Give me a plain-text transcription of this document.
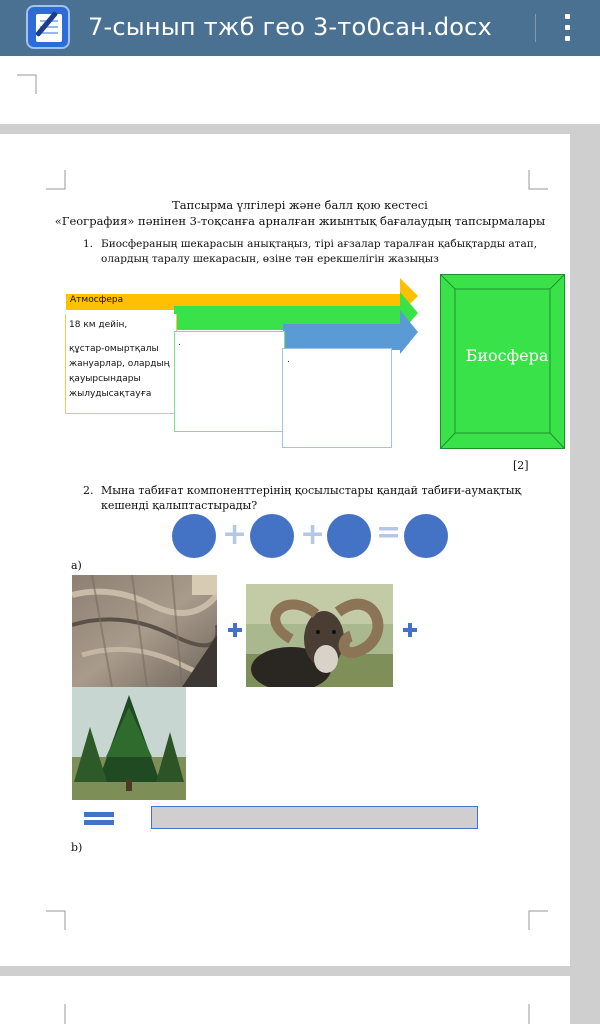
7-сынып тжб гео 3-то0сан.docx
Тапсырма үлгілері және балл қою кестесі
«География» пәнінен 3-тоқсанға арналған жиынтық бағалаудың тапсырмалары
1. Биосфераның шекарасын анықтаңыз, тірі ағзалар таралған қабықтарды атап,
олардың таралу шекарасын, өзіне тән ерекшелігін жазыңыз
Атмосфера
18 км дейін,
құстар-омыртқалы
жануарлар, олардың
қауырсындары
жылудысақтауға
.
.	Биосфера
[2]
2. Мына табиғат компоненттерінің қосылыстары қандай табиғи-аумақтық
кешенді қалыптастырады?
+ + =
a)
b)
